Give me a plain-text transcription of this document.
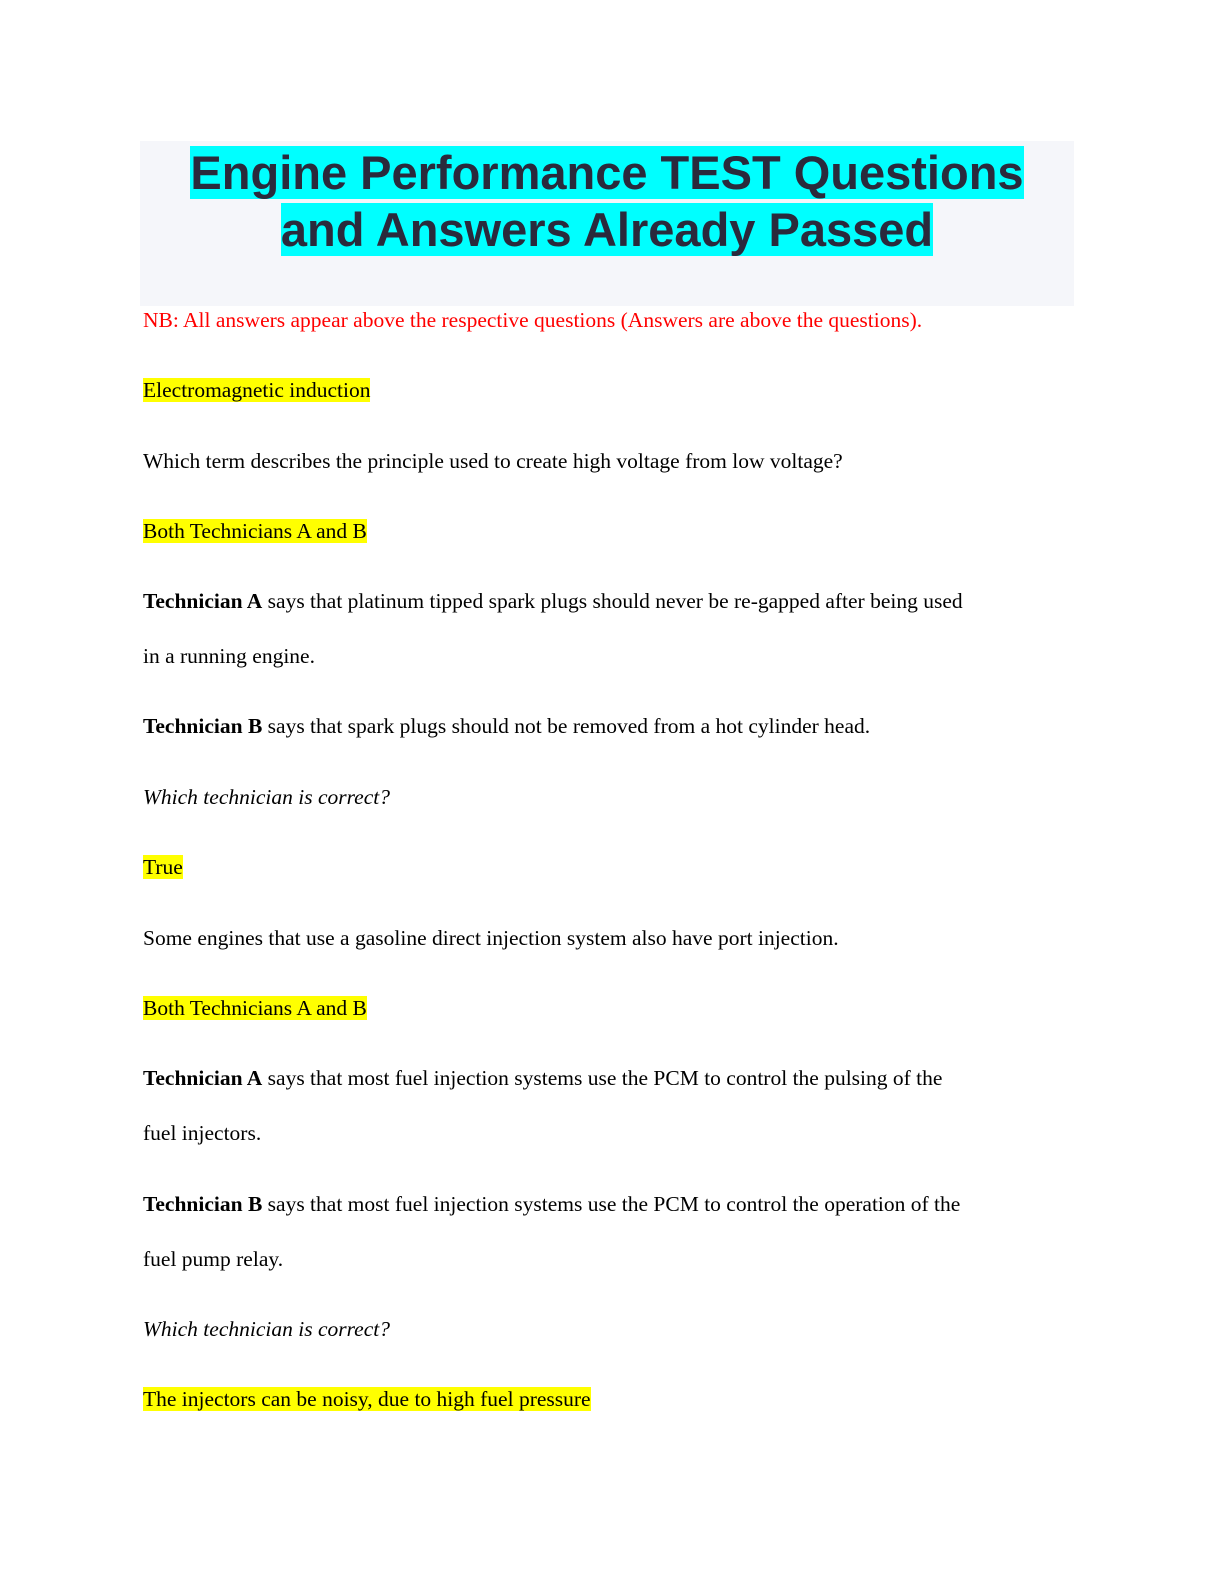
Engine Performance TEST Questions
and Answers Already Passed

NB: All answers appear above the respective questions (Answers are above the questions).

Electromagnetic induction

Which term describes the principle used to create high voltage from low voltage?

Both Technicians A and B

Technician A says that platinum tipped spark plugs should never be re-gapped after being used
in a running engine.

Technician B says that spark plugs should not be removed from a hot cylinder head.

Which technician is correct?

True

Some engines that use a gasoline direct injection system also have port injection.

Both Technicians A and B

Technician A says that most fuel injection systems use the PCM to control the pulsing of the
fuel injectors.

Technician B says that most fuel injection systems use the PCM to control the operation of the
fuel pump relay.

Which technician is correct?

The injectors can be noisy, due to high fuel pressure
